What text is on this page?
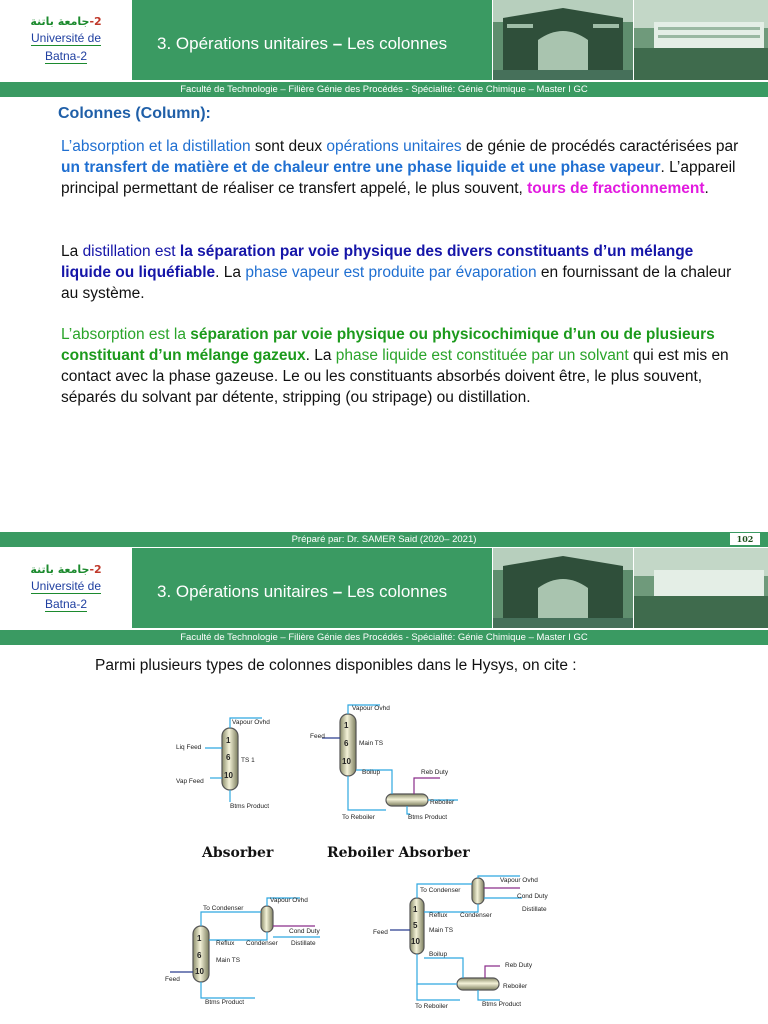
2-جامعة باتنة
Université de
Batna-2
3. Opérations unitaires – Les colonnes
Faculté de Technologie – Filière Génie des Procédés - Spécialité: Génie Chimique – Master I GC
Colonnes (Column):

L’absorption et la distillation sont deux opérations unitaires de génie de procédés caractérisées par un transfert de matière et de chaleur entre une phase liquide et une phase vapeur. L’appareil principal permettant de réaliser ce transfert appelé, le plus souvent, tours de fractionnement.

La distillation est la séparation par voie physique des divers constituants d’un mélange liquide ou liquéfiable. La phase vapeur est produite par évaporation en fournissant de la chaleur au système.

L’absorption est la séparation par voie physique ou physicochimique d’un ou de plusieurs constituant d’un mélange gazeux. La phase liquide est constituée par un solvant qui est mis en contact avec la phase gazeuse. Le ou les constituants absorbés doivent être, le plus souvent, séparés du solvant par détente, stripping (ou stripage) ou distillation.

Préparé par: Dr. SAMER Said (2020– 2021)	102
2-جامعة باتنة
Université de
Batna-2
3. Opérations unitaires – Les colonnes
Faculté de Technologie – Filière Génie des Procédés - Spécialité: Génie Chimique – Master I GC
Parmi plusieurs types de colonnes disponibles dans le Hysys, on cite :
Absorber	Reboiler Absorber
Vapour Ovhd
Liq Feed
Vap Feed
TS 1
Btms Product
1
6
10
Vapour Ovhd
Feed
Main TS
Boilup	Reb Duty
Reboiler
To Reboiler	Btms Product
1
6
10
To Condenser
Vapour Ovhd
Cond Duty
Reflux Condenser Distillate
Main TS
Feed
Btms Product
1
6
10
To Condenser
Vapour Ovhd
Cond Duty
Distillate
Reflux Condenser
Feed	Main TS
Boilup
Reb Duty
Reboiler
To Reboiler	Btms Product
1
5
10
